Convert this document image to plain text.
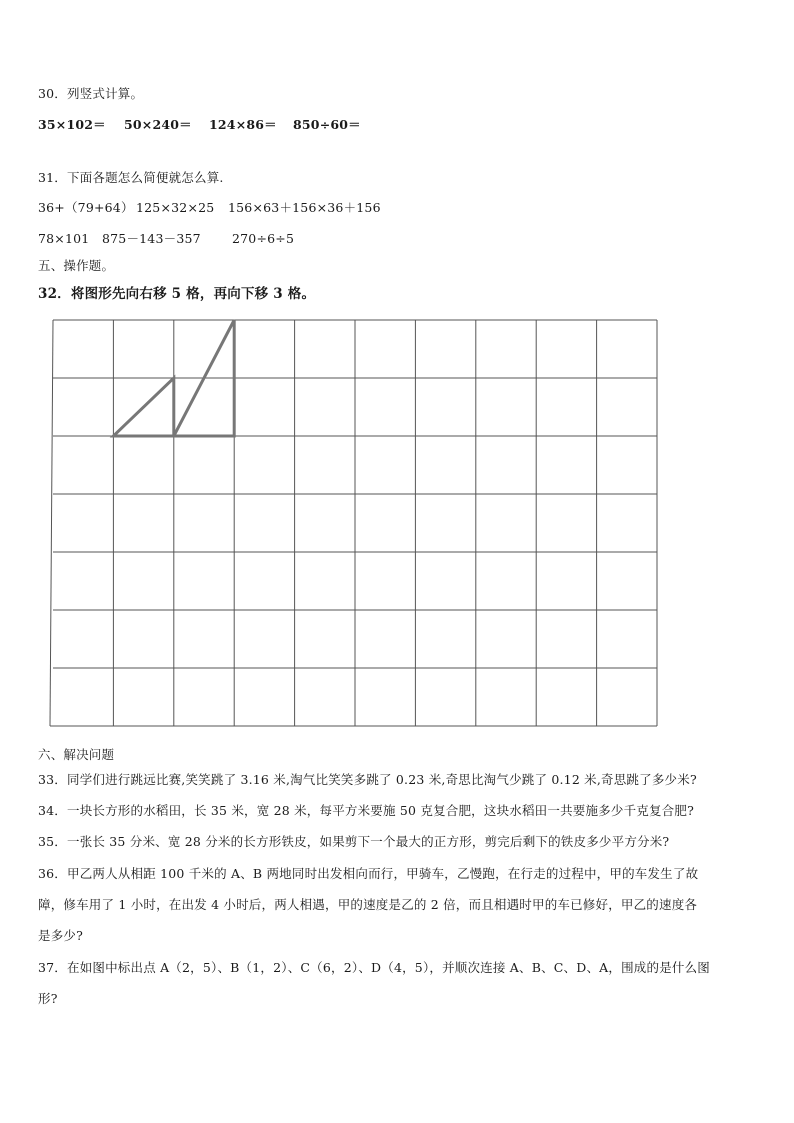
30．列竖式计算。
35×102＝ 50×240＝ 124×86＝ 850÷60＝
31．下面各题怎么简便就怎么算.
36+（79+64） 125×32×25 156×63＋156×36＋156
78×101 875－143－357 270÷6÷5
五、操作题。
32．将图形先向右移 5 格，再向下移 3 格。
六、解决问题
33．同学们进行跳远比赛,笑笑跳了 3.16 米,淘气比笑笑多跳了 0.23 米,奇思比淘气少跳了 0.12 米,奇思跳了多少米?
34．一块长方形的水稻田，长 35 米，宽 28 米，每平方米要施 50 克复合肥，这块水稻田一共要施多少千克复合肥?
35．一张长 35 分米、宽 28 分米的长方形铁皮，如果剪下一个最大的正方形，剪完后剩下的铁皮多少平方分米?
36．甲乙两人从相距 100 千米的 A、B 两地同时出发相向而行，甲骑车，乙慢跑，在行走的过程中，甲的车发生了故
障，修车用了 1 小时，在出发 4 小时后，两人相遇，甲的速度是乙的 2 倍，而且相遇时甲的车已修好，甲乙的速度各
是多少?
37．在如图中标出点 A（2，5）、B（1，2）、C（6，2）、D（4，5），并顺次连接 A、B、C、D、A，围成的是什么图
形?
